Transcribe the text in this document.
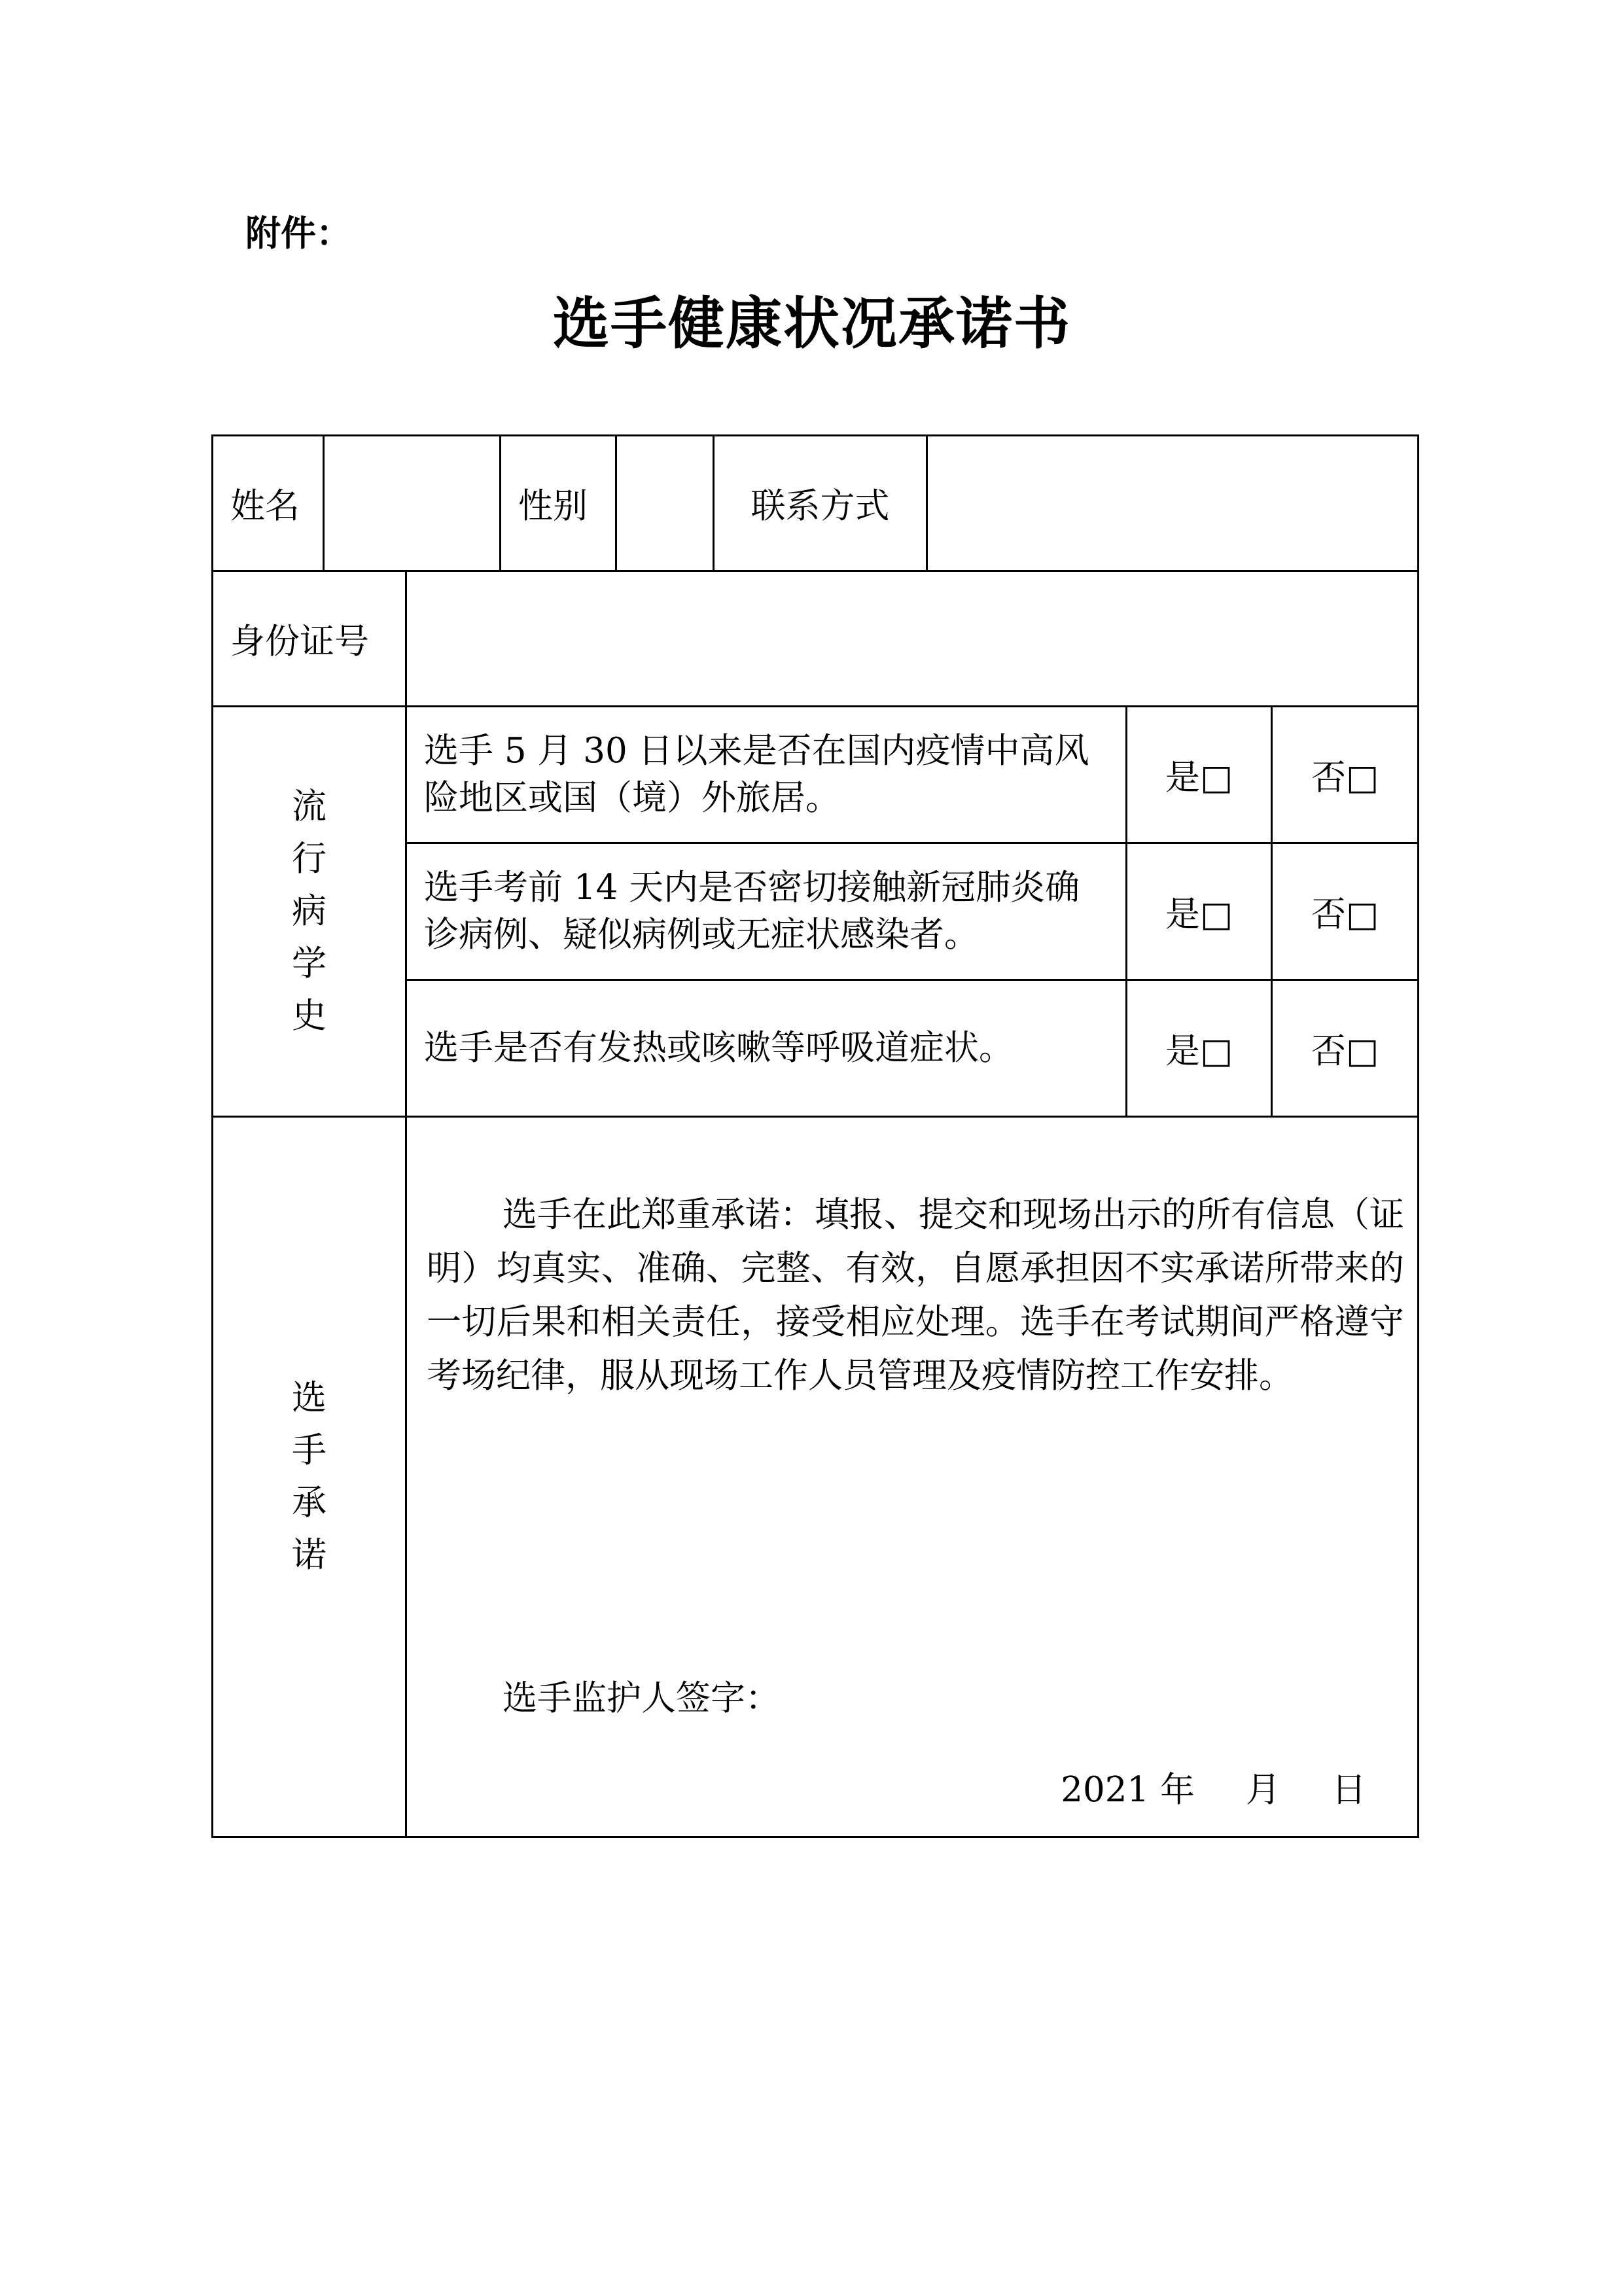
附件：
选手健康状况承诺书
姓名			性别		联系方式			
身份证号								
流行病学史		选手 5 月 30 日以来是否在国内疫情中高风险地区或国（境）外旅居。					是□	否□
		选手考前 14 天内是否密切接触新冠肺炎确诊病例、疑似病例或无症状感染者。					是□	否□
		选手是否有发热或咳嗽等呼吸道症状。					是□	否□
选手承诺		选手在此郑重承诺：填报、提交和现场出示的所有信息（证明）均真实、准确、完整、有效，自愿承担因不实承诺所带来的一切后果和相关责任，接受相应处理。选手在考试期间严格遵守考场纪律，服从现场工作人员管理及疫情防控工作安排。
选手监护人签字：
2021 年 月 日						
